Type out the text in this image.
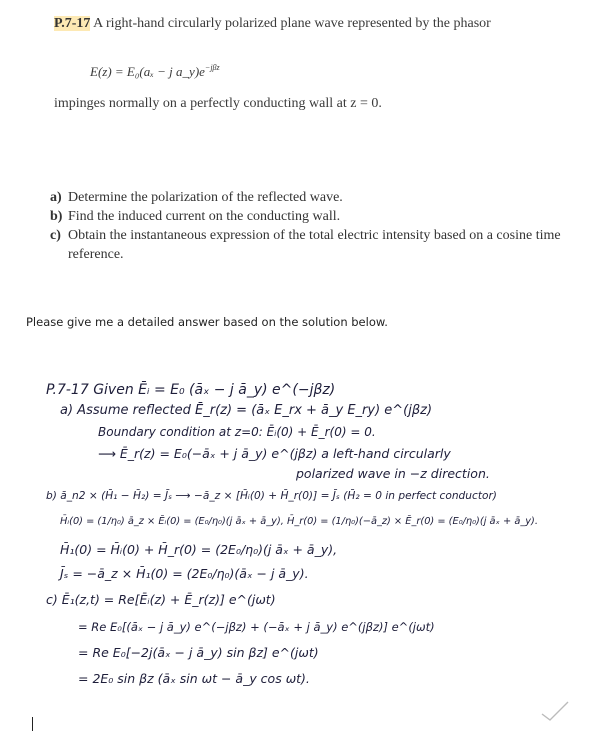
P.7-17 A right-hand circularly polarized plane wave represented by the phasor
E(z) = E₀(aₓ − j $a\_y)e^{-j\beta z}$
impinges normally on a perfectly conducting wall at z = 0.
a) Determine the polarization of the reflected wave.
b) Find the induced current on the conducting wall.
c) Obtain the instantaneous expression of the total electric intensity based on a cosine time reference.
Please give me a detailed answer based on the solution below.
P.7-17 Given Ēᵢ = E₀ (āₓ − j ā_y) e^(−jβz)
a) Assume reflected Ē_r(z) = (āₓ E_rx + ā_y E_ry) e^(jβz)
Boundary condition at z=0: Ēᵢ(0) + Ē_r(0) = 0.
⟶ Ē_r(z) = E₀(−āₓ + j ā_y) e^(jβz) a left-hand circularly
polarized wave in −z direction.
b) ā_n2 × (H̄₁ − H̄₂) = J̄ₛ ⟶ −ā_z × [H̄ᵢ(0) + H̄_r(0)] = J̄ₛ (H̄₂ = 0 in perfect conductor)
H̄ᵢ(0) = (1/η₀) ā_z × Ēᵢ(0) = (E₀/η₀)(j āₓ + ā_y), H̄_r(0) = (1/η₀)(−ā_z) × Ē_r(0) = (E₀/η₀)(j āₓ + ā_y).
H̄₁(0) = H̄ᵢ(0) + H̄_r(0) = (2E₀/η₀)(j āₓ + ā_y),
J̄ₛ = −ā_z × H̄₁(0) = (2E₀/η₀)(āₓ − j ā_y).
c) Ē₁(z,t) = Re[Ēᵢ(z) + Ē_r(z)] e^(jωt)
= Re E₀[(āₓ − j ā_y) e^(−jβz) + (−āₓ + j ā_y) e^(jβz)] e^(jωt)
= Re E₀[−2j(āₓ − j ā_y) sin βz] e^(jωt)
= 2E₀ sin βz (āₓ sin ωt − ā_y cos ωt).
